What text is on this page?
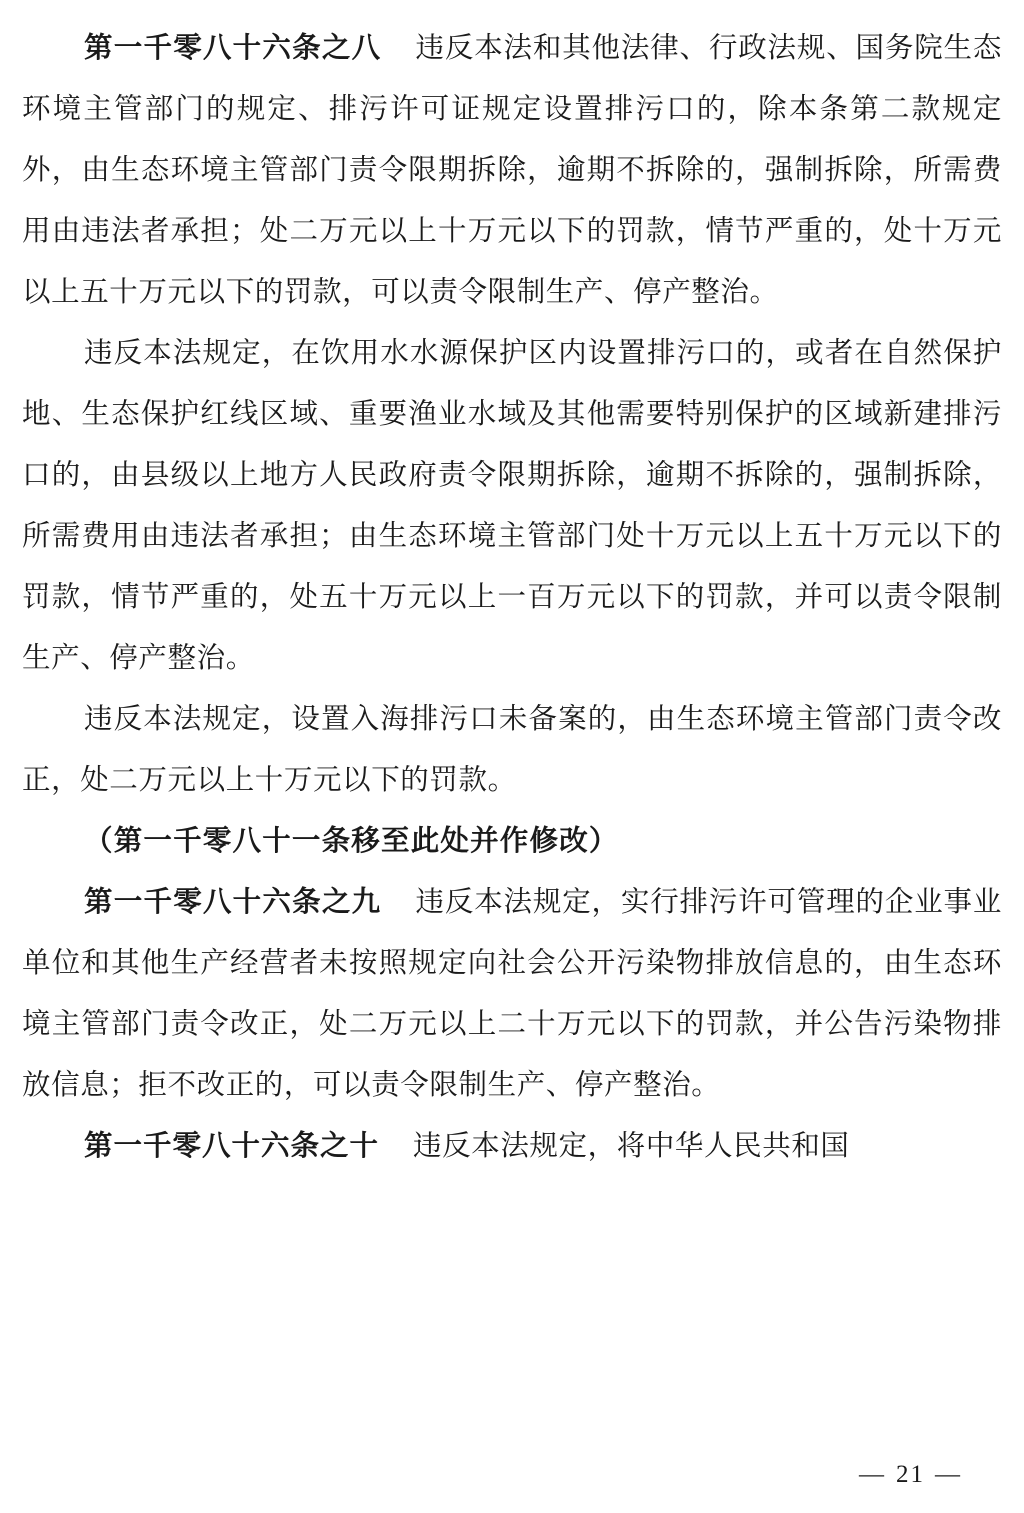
第一千零八十六条之八 违反本法和其他法律、行政法规、国务院生态环境主管部门的规定、排污许可证规定设置排污口的，除本条第二款规定外，由生态环境主管部门责令限期拆除，逾期不拆除的，强制拆除，所需费用由违法者承担；处二万元以上十万元以下的罚款，情节严重的，处十万元以上五十万元以下的罚款，可以责令限制生产、停产整治。

违反本法规定，在饮用水水源保护区内设置排污口的，或者在自然保护地、生态保护红线区域、重要渔业水域及其他需要特别保护的区域新建排污口的，由县级以上地方人民政府责令限期拆除，逾期不拆除的，强制拆除，所需费用由违法者承担；由生态环境主管部门处十万元以上五十万元以下的罚款，情节严重的，处五十万元以上一百万元以下的罚款，并可以责令限制生产、停产整治。

违反本法规定，设置入海排污口未备案的，由生态环境主管部门责令改正，处二万元以上十万元以下的罚款。

（第一千零八十一条移至此处并作修改）

第一千零八十六条之九 违反本法规定，实行排污许可管理的企业事业单位和其他生产经营者未按照规定向社会公开污染物排放信息的，由生态环境主管部门责令改正，处二万元以上二十万元以下的罚款，并公告污染物排放信息；拒不改正的，可以责令限制生产、停产整治。

第一千零八十六条之十 违反本法规定，将中华人民共和国

— 21 —
